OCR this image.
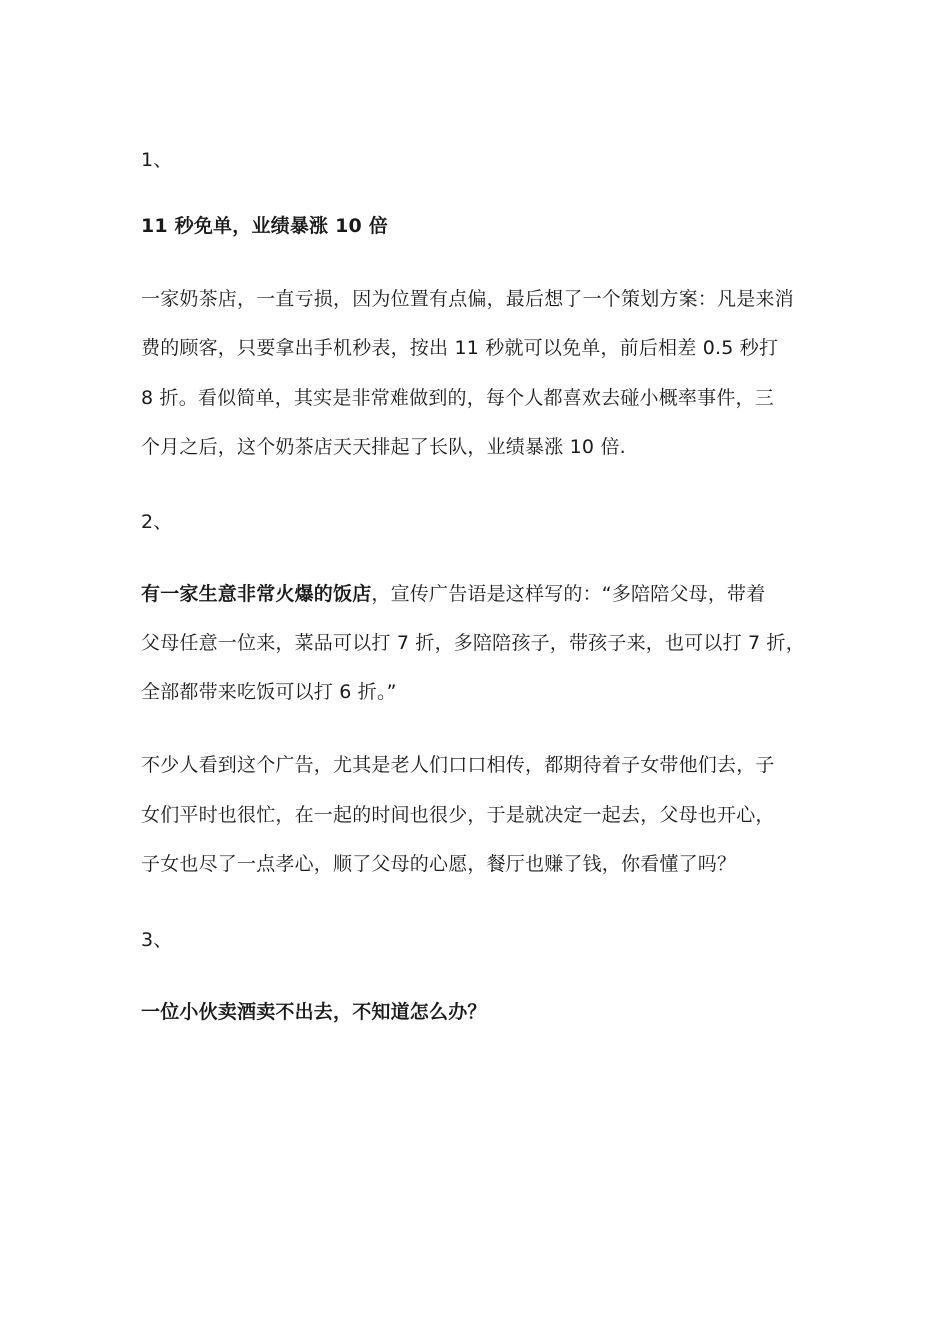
1、
11 秒免单，业绩暴涨 10 倍
一家奶茶店，一直亏损，因为位置有点偏，最后想了一个策划方案：凡是来消
费的顾客，只要拿出手机秒表，按出 11 秒就可以免单，前后相差 0.5 秒打
8 折。看似简单，其实是非常难做到的，每个人都喜欢去碰小概率事件，三
个月之后，这个奶茶店天天排起了长队，业绩暴涨 10 倍.
2、
有一家生意非常火爆的饭店，宣传广告语是这样写的：“多陪陪父母，带着
父母任意一位来，菜品可以打 7 折，多陪陪孩子，带孩子来，也可以打 7 折，
全部都带来吃饭可以打 6 折。”
不少人看到这个广告，尤其是老人们口口相传，都期待着子女带他们去，子
女们平时也很忙，在一起的时间也很少，于是就决定一起去，父母也开心，
子女也尽了一点孝心，顺了父母的心愿，餐厅也赚了钱，你看懂了吗？
3、
一位小伙卖酒卖不出去，不知道怎么办？
